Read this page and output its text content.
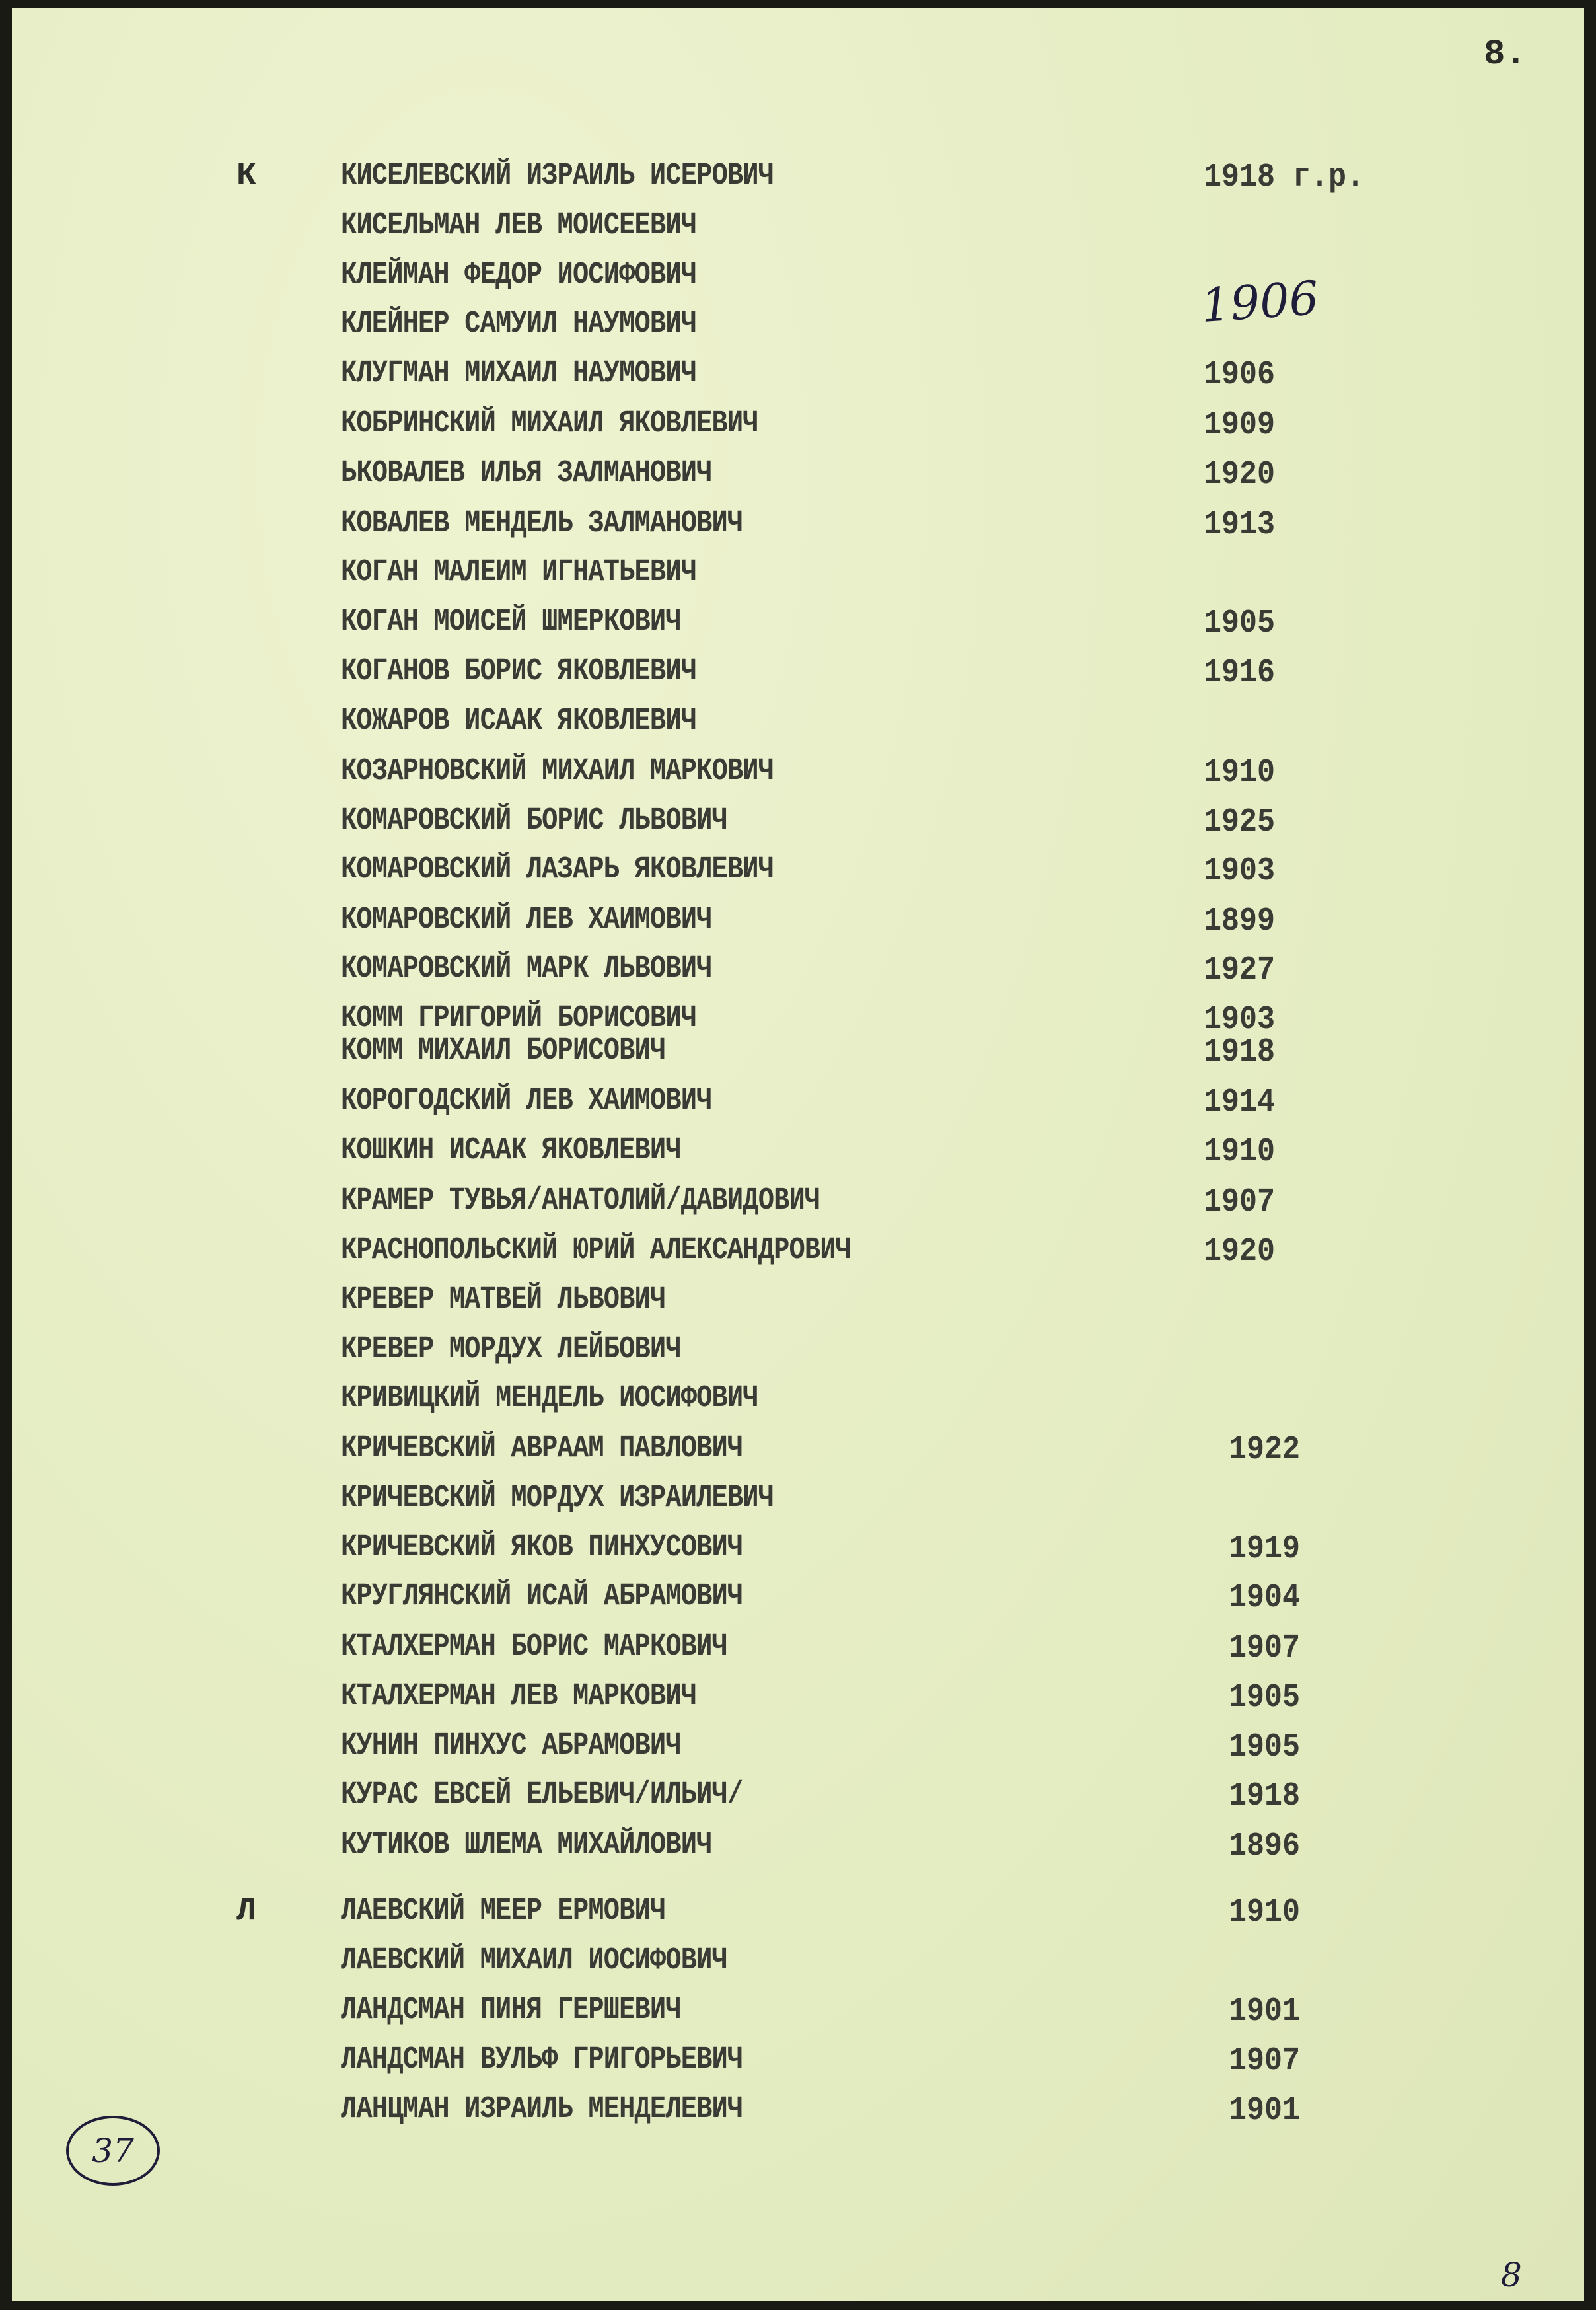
8.
КИСЕЛЕВСКИЙ ИЗРАИЛЬ ИСЕРОВИЧ	1918 г.р.
КИСЕЛЬМАН ЛЕВ МОИСЕЕВИЧ
КЛЕЙМАН ФЕДОР ИОСИФОВИЧ
КЛЕЙНЕР САМУИЛ НАУМОВИЧ
КЛУГМАН МИХАИЛ НАУМОВИЧ	1906
КОБРИНСКИЙ МИХАИЛ ЯКОВЛЕВИЧ	1909
ЬКОВАЛЕВ ИЛЬЯ ЗАЛМАНОВИЧ	1920
КОВАЛЕВ МЕНДЕЛЬ ЗАЛМАНОВИЧ	1913
КОГАН МАЛЕИМ ИГНАТЬЕВИЧ
КОГАН МОИСЕЙ ШМЕРКОВИЧ	1905
КОГАНОВ БОРИС ЯКОВЛЕВИЧ	1916
КОЖАРОВ ИСААК ЯКОВЛЕВИЧ
КОЗАРНОВСКИЙ МИХАИЛ МАРКОВИЧ	1910
КОМАРОВСКИЙ БОРИС ЛЬВОВИЧ	1925
КОМАРОВСКИЙ ЛАЗАРЬ ЯКОВЛЕВИЧ	1903
КОМАРОВСКИЙ ЛЕВ ХАИМОВИЧ	1899
КОМАРОВСКИЙ МАРК ЛЬВОВИЧ	1927
КОММ ГРИГОРИЙ БОРИСОВИЧ	1903
КОММ МИХАИЛ БОРИСОВИЧ	1918
КОРОГОДСКИЙ ЛЕВ ХАИМОВИЧ	1914
КОШКИН ИСААК ЯКОВЛЕВИЧ	1910
КРАМЕР ТУВЬЯ/АНАТОЛИЙ/ДАВИДОВИЧ	1907
КРАСНОПОЛЬСКИЙ ЮРИЙ АЛЕКСАНДРОВИЧ	1920
КРЕВЕР МАТВЕЙ ЛЬВОВИЧ
КРЕВЕР МОРДУХ ЛЕЙБОВИЧ
КРИВИЦКИЙ МЕНДЕЛЬ ИОСИФОВИЧ
КРИЧЕВСКИЙ АВРААМ ПАВЛОВИЧ	1922
КРИЧЕВСКИЙ МОРДУХ ИЗРАИЛЕВИЧ
КРИЧЕВСКИЙ ЯКОВ ПИНХУСОВИЧ	1919
КРУГЛЯНСКИЙ ИСАЙ АБРАМОВИЧ	1904
КТАЛХЕРМАН БОРИС МАРКОВИЧ	1907
КТАЛХЕРМАН ЛЕВ МАРКОВИЧ	1905
КУНИН ПИНХУС АБРАМОВИЧ	1905
КУРАС ЕВСЕЙ ЕЛЬЕВИЧ/ИЛЬИЧ/	1918
КУТИКОВ ШЛЕМА МИХАЙЛОВИЧ	1896
ЛАЕВСКИЙ МЕЕР ЕРМОВИЧ	1910
ЛАЕВСКИЙ МИХАИЛ ИОСИФОВИЧ
ЛАНДСМАН ПИНЯ ГЕРШЕВИЧ	1901
ЛАНДСМАН ВУЛЬФ ГРИГОРЬЕВИЧ	1907
ЛАНЦМАН ИЗРАИЛЬ МЕНДЕЛЕВИЧ	1901
К
Л
1906
37
8
